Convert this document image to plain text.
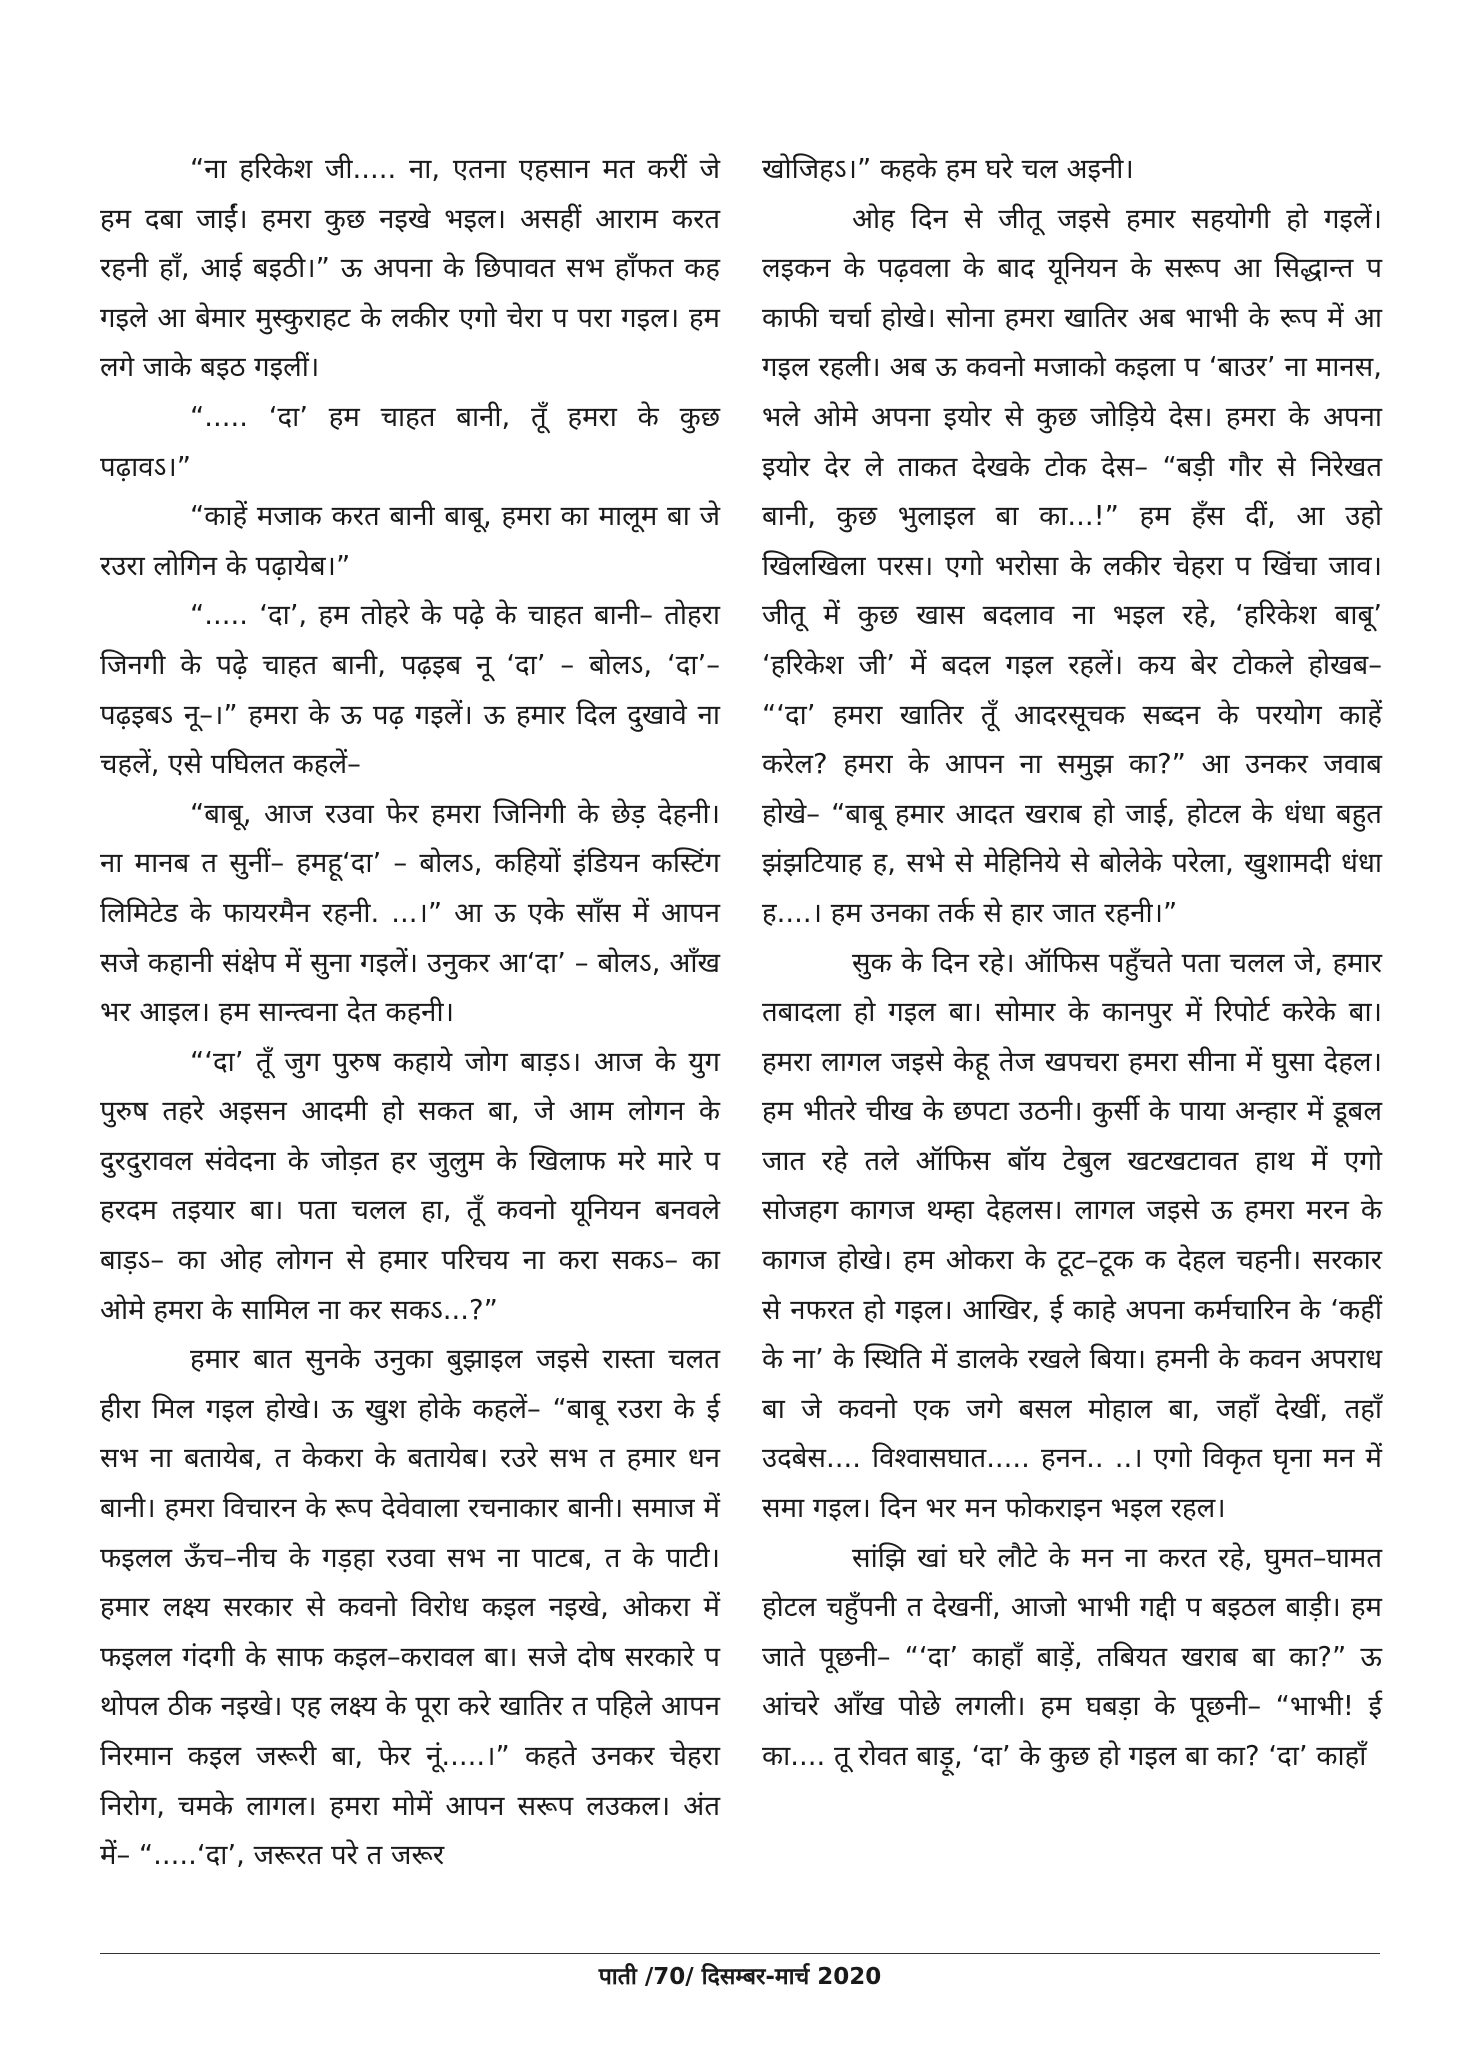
“ना हरिकेश जी..... ना, एतना एहसान मत करीं जे हम दबा जाईं। हमरा कुछ नइखे भइल। असहीं आराम करत रहनी हाँ, आई बइठी।” ऊ अपना के छिपावत सभ हाँफत कह गइले आ बेमार मुस्कुराहट के लकीर एगो चेरा प परा गइल। हम लगे जाके बइठ गइलीं।

“..... ‘दा’ हम चाहत बानी, तूँ हमरा के कुछ पढ़ावऽ।”

“काहें मजाक करत बानी बाबू, हमरा का मालूम बा जे रउरा लोगिन के पढ़ायेब।”

“..... ‘दा’, हम तोहरे के पढ़े के चाहत बानी– तोहरा जिनगी के पढ़े चाहत बानी, पढ़इब नू ‘दा’ – बोलऽ, ‘दा’– पढ़इबऽ नू–।” हमरा के ऊ पढ़ गइलें। ऊ हमार दिल दुखावे ना चहलें, एसे पघिलत कहलें–

“बाबू, आज रउवा फेर हमरा जिनिगी के छेड़ देहनी। ना मानब त सुनीं– हमहू‘दा’ – बोलऽ, कहियों इंडियन कस्टिंग लिमिटेड के फायरमैन रहनी. ...।” आ ऊ एके साँस में आपन सजे कहानी संक्षेप में सुना गइलें। उनुकर आ‘दा’ – बोलऽ, आँख भर आइल। हम सान्त्वना देत कहनी।

“‘दा’ तूँ जुग पुरुष कहाये जोग बाड़ऽ। आज के युग पुरुष तहरे अइसन आदमी हो सकत बा, जे आम लोगन के दुरदुरावल संवेदना के जोड़त हर जुलुम के खिलाफ मरे मारे प हरदम तइयार बा। पता चलल हा, तूँ कवनो यूनियन बनवले बाड़ऽ– का ओह लोगन से हमार परिचय ना करा सकऽ– का ओमे हमरा के सामिल ना कर सकऽ...?”

हमार बात सुनके उनुका बुझाइल जइसे रास्ता चलत हीरा मिल गइल होखे। ऊ खुश होके कहलें– “बाबू रउरा के ई सभ ना बतायेब, त केकरा के बतायेब। रउरे सभ त हमार धन बानी। हमरा विचारन के रूप देवेवाला रचनाकार बानी। समाज में फइलल ऊँच–नीच के गड़हा रउवा सभ ना पाटब, त के पाटी। हमार लक्ष्य सरकार से कवनो विरोध कइल नइखे, ओकरा में फइलल गंदगी के साफ कइल–करावल बा। सजे दोष सरकारे प थोपल ठीक नइखे। एह लक्ष्य के पूरा करे खातिर त पहिले आपन निरमान कइल जरूरी बा, फेर नूं.....।” कहते उनकर चेहरा निरोग, चमके लागल। हमरा मोमें आपन सरूप लउकल। अंत में– “.....‘दा’, जरूरत परे त जरूर

खोजिहऽ।” कहके हम घरे चल अइनी।

ओह दिन से जीतू जइसे हमार सहयोगी हो गइलें। लइकन के पढ़वला के बाद यूनियन के सरूप आ सिद्धान्त प काफी चर्चा होखे। सोना हमरा खातिर अब भाभी के रूप में आ गइल रहली। अब ऊ कवनो मजाको कइला प ‘बाउर’ ना मानस, भले ओमे अपना इयोर से कुछ जोड़िये देस। हमरा के अपना इयोर देर ले ताकत देखके टोक देस– “बड़ी गौर से निरेखत बानी, कुछ भुलाइल बा का...!” हम हँस दीं, आ उहो खिलखिला परस। एगो भरोसा के लकीर चेहरा प खिंचा जाव। जीतू में कुछ खास बदलाव ना भइल रहे, ‘हरिकेश बाबू’ ‘हरिकेश जी’ में बदल गइल रहलें। कय बेर टोकले होखब– “‘दा’ हमरा खातिर तूँ आदरसूचक सब्दन के परयोग काहें करेल? हमरा के आपन ना समुझ का?” आ उनकर जवाब होखे– “बाबू हमार आदत खराब हो जाई, होटल के धंधा बहुत झंझटियाह ह, सभे से मेहिनिये से बोलेके परेला, खुशामदी धंधा ह....। हम उनका तर्क से हार जात रहनी।”

सुक के दिन रहे। ऑफिस पहुँचते पता चलल जे, हमार तबादला हो गइल बा। सोमार के कानपुर में रिपोर्ट करेके बा। हमरा लागल जइसे केहू तेज खपचरा हमरा सीना में घुसा देहल। हम भीतरे चीख के छपटा उठनी। कुर्सी के पाया अन्हार में डूबल जात रहे तले ऑफिस बॉय टेबुल खटखटावत हाथ में एगो सोजहग कागज थम्हा देहलस। लागल जइसे ऊ हमरा मरन के कागज होखे। हम ओकरा के टूट–टूक क देहल चहनी। सरकार से नफरत हो गइल। आखिर, ई काहे अपना कर्मचारिन के ‘कहीं के ना’ के स्थिति में डालके रखले बिया। हमनी के कवन अपराध बा जे कवनो एक जगे बसल मोहाल बा, जहाँ देखीं, तहाँ उदबेस.... विश्वासघात..... हनन.. ..। एगो विकृत घृना मन में समा गइल। दिन भर मन फोकराइन भइल रहल।

सांझि खां घरे लौटे के मन ना करत रहे, घुमत–घामत होटल चहुँपनी त देखनीं, आजो भाभी गद्दी प बइठल बाड़ी। हम जाते पूछनी– “‘दा’ काहाँ बाड़ें, तबियत खराब बा का?” ऊ आंचरे आँख पोछे लगली। हम घबड़ा के पूछनी– “भाभी! ई का.... तू रोवत बाड़ू, ‘दा’ के कुछ हो गइल बा का? ‘दा’ काहाँ

पाती /70/ दिसम्बर-मार्च 2020
